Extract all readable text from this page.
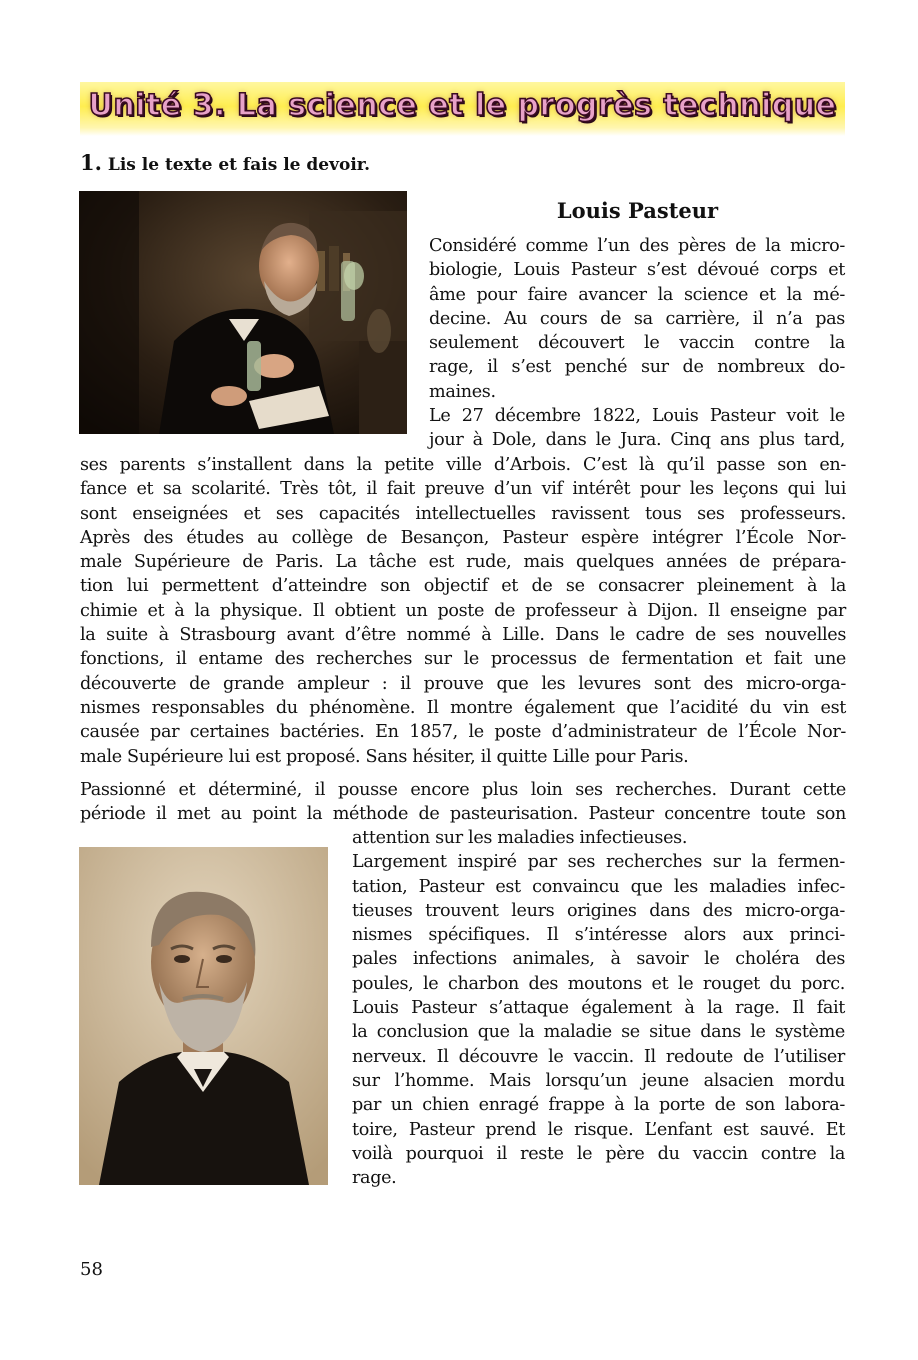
Unité 3. La science et le progrès technique
1. Lis le texte et fais le devoir.
Louis Pasteur
Considéré comme l’un des pères de la micro-
biologie, Louis Pasteur s’est dévoué corps et
âme pour faire avancer la science et la mé-
decine. Au cours de sa carrière, il n’a pas
seulement découvert le vaccin contre la
rage, il s’est penché sur de nombreux do-
maines.
Le 27 décembre 1822, Louis Pasteur voit le
jour à Dole, dans le Jura. Cinq ans plus tard,
ses parents s’installent dans la petite ville d’Arbois. C’est là qu’il passe son en-
fance et sa scolarité. Très tôt, il fait preuve d’un vif intérêt pour les leçons qui lui
sont enseignées et ses capacités intellectuelles ravissent tous ses professeurs.
Après des études au collège de Besançon, Pasteur espère intégrer l’École Nor-
male Supérieure de Paris. La tâche est rude, mais quelques années de prépara-
tion lui permettent d’atteindre son objectif et de se consacrer pleinement à la
chimie et à la physique. Il obtient un poste de professeur à Dijon. Il enseigne par
la suite à Strasbourg avant d’être nommé à Lille. Dans le cadre de ses nouvelles
fonctions, il entame des recherches sur le processus de fermentation et fait une
découverte de grande ampleur : il prouve que les levures sont des micro-orga-
nismes responsables du phénomène. Il montre également que l’acidité du vin est
causée par certaines bactéries. En 1857, le poste d’administrateur de l’École Nor-
male Supérieure lui est proposé. Sans hésiter, il quitte Lille pour Paris.
Passionné et déterminé, il pousse encore plus loin ses recherches. Durant cette
période il met au point la méthode de pasteurisation. Pasteur concentre toute son
attention sur les maladies infectieuses.
Largement inspiré par ses recherches sur la fermen-
tation, Pasteur est convaincu que les maladies infec-
tieuses trouvent leurs origines dans des micro-orga-
nismes spécifiques. Il s’intéresse alors aux princi-
pales infections animales, à savoir le choléra des
poules, le charbon des moutons et le rouget du porc.
Louis Pasteur s’attaque également à la rage. Il fait
la conclusion que la maladie se situe dans le système
nerveux. Il découvre le vaccin. Il redoute de l’utiliser
sur l’homme. Mais lorsqu’un jeune alsacien mordu
par un chien enragé frappe à la porte de son labora-
toire, Pasteur prend le risque. L’enfant est sauvé. Et
voilà pourquoi il reste le père du vaccin contre la
rage.
58
